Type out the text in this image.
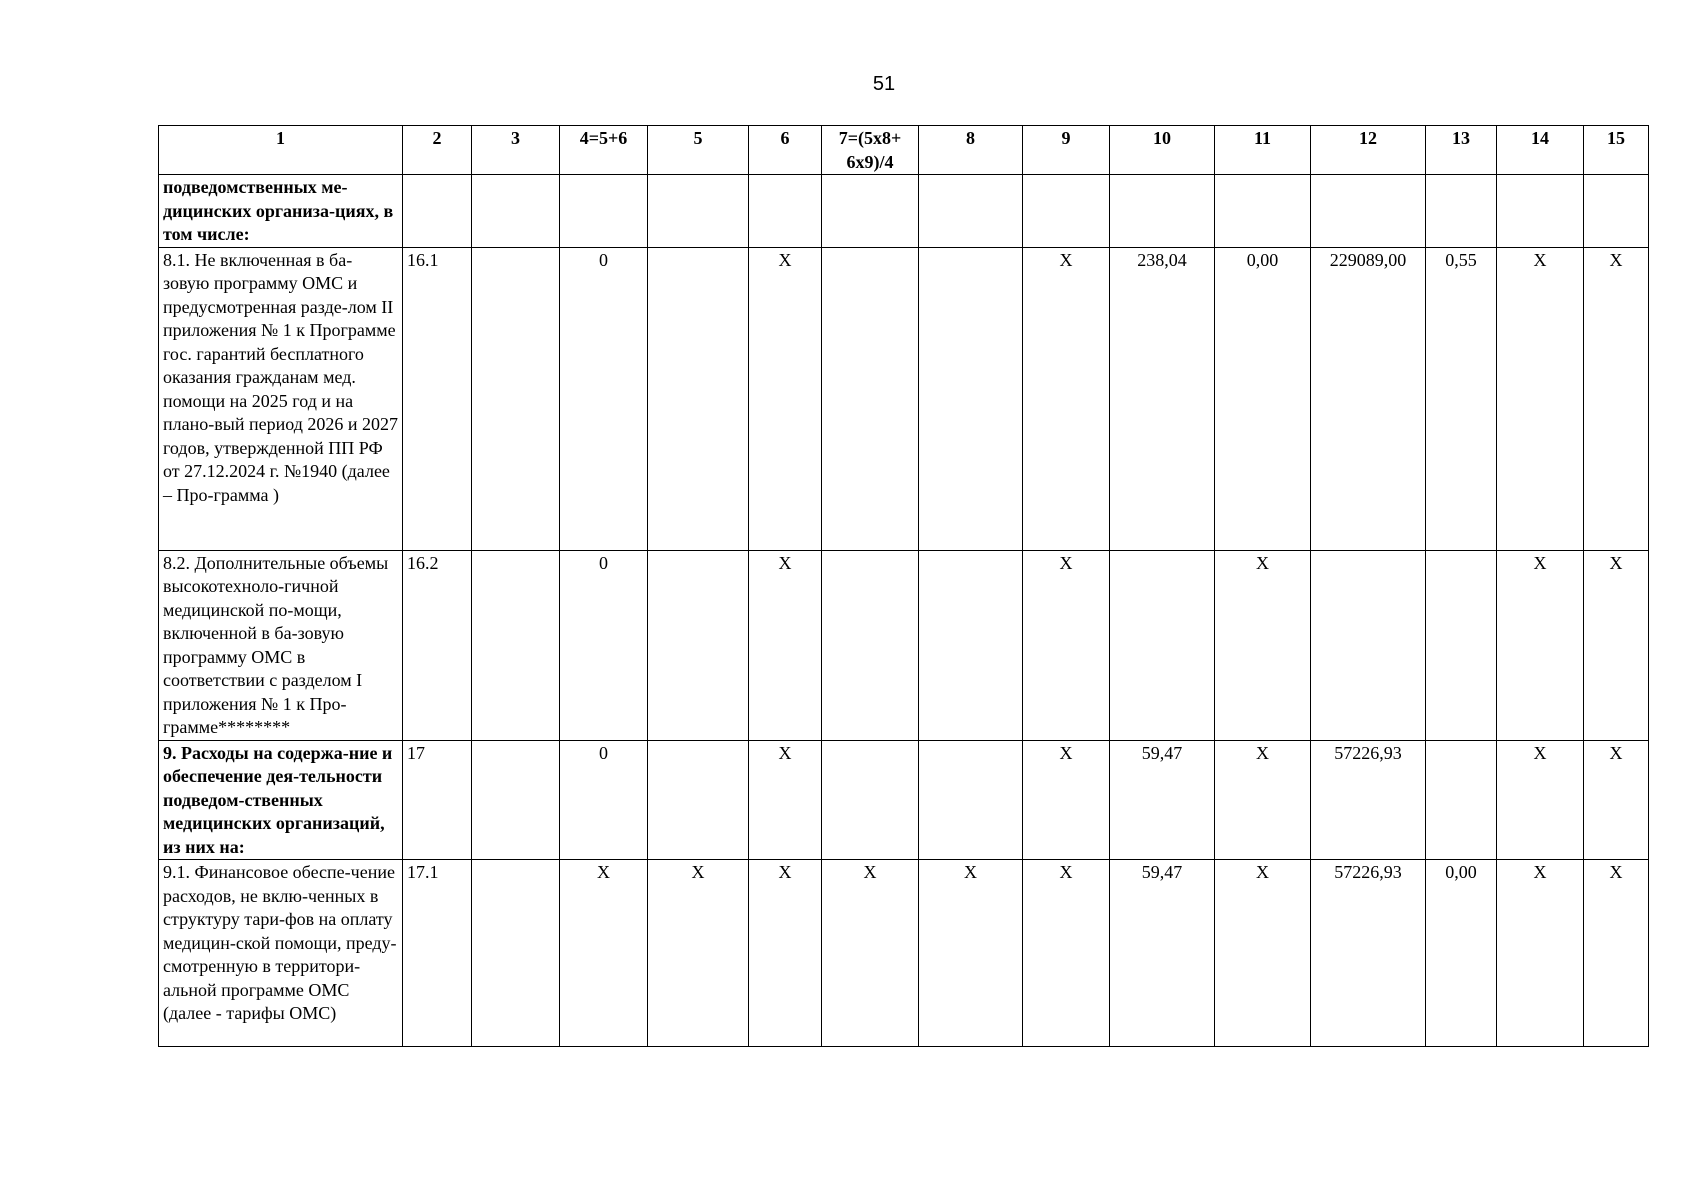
51
1	2	3	4=5+6	5	6	7=(5x8+ 6x9)/4	8	9	10	11	12	13	14	15
подведомственных ме-дицинских организа-циях, в том числе:														
8.1. Не включенная в ба-зовую программу ОМС и предусмотренная разде-лом II приложения № 1 к Программе гос. гарантий бесплатного оказания гражданам мед. помощи на 2025 год и на плано-вый период 2026 и 2027 годов, утвержденной ПП РФ от 27.12.2024 г. №1940 (далее – Про-грамма )	16.1		0		X			X	238,04	0,00	229089,00	0,55	X	X
8.2. Дополнительные объемы высокотехноло-гичной медицинской по-мощи, включенной в ба-зовую программу ОМС в соответствии с разделом I приложения № 1 к Про-грамме********	16.2		0		X			X		X			X	X
9. Расходы на содержа-ние и обеспечение дея-тельности подведом-ственных медицинских организаций, из них на:	17		0		X			X	59,47	X	57226,93		X	X
9.1. Финансовое обеспе-чение расходов, не вклю-ченных в структуру тари-фов на оплату медицин-ской помощи, преду-смотренную в территори-альной программе ОМС (далее - тарифы ОМС)	17.1		X	X	X	X	X	X	59,47	X	57226,93	0,00	X	X
